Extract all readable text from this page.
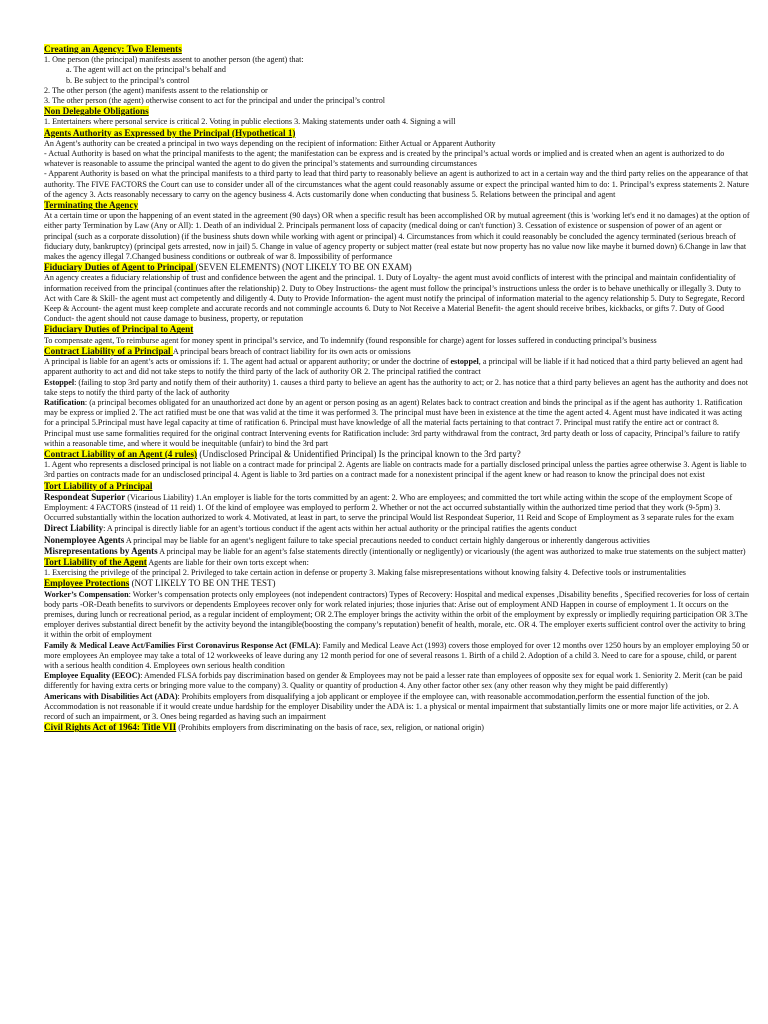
Creating an Agency: Two Elements

1. One person (the principal) manifests assent to another person (the agent) that:

a. The agent will act on the principal’s behalf and

b. Be subject to the principal’s control

2. The other person (the agent) manifests assent to the relationship or

3. The other person (the agent) otherwise consent to act for the principal and under the principal’s control

Non Delegable Obligations

1. Entertainers where personal service is critical 2. Voting in public elections 3. Making statements under oath 4. Signing a will

Agents Authority as Expressed by the Principal (Hypothetical 1)

An Agent’s authority can be created a principal in two ways depending on the recipient of information: Either Actual or Apparent Authority

- Actual Authority is based on what the principal manifests to the agent; the manifestation can be express and is created by the principal’s actual words or implied and is created when an agent is authorized to do whatever is reasonable to assume the principal wanted the agent to do given the principal’s statements and surrounding circumstances

- Apparent Authority is based on what the principal manifests to a third party to lead that third party to reasonably believe an agent is authorized to act in a certain way and the third party relies on the appearance of that authority. The FIVE FACTORS the Court can use to consider under all of the circumstances what the agent could reasonably assume or expect the principal wanted him to do: 1. Principal’s express statements 2. Nature of the agency 3. Acts reasonably necessary to carry on the agency business 4. Acts customarily done when conducting that business 5. Relations between the principal and agent

Terminating the Agency

At a certain time or upon the happening of an event stated in the agreement (90 days) OR when a specific result has been accomplished OR by mutual agreement (this is 'working let's end it no damages) at the option of either party Termination by Law (Any or All): 1. Death of an individual 2. Principals permanent loss of capacity (medical doing or can't function) 3. Cessation of existence or suspension of power of an agent or principal (such as a corporate dissolution) (if the business shuts down while working with agent or principal) 4. Circumstances from which it could reasonably be concluded the agency terminated (serious breach of fiduciary duty, bankruptcy) (principal gets arrested, now in jail) 5. Change in value of agency property or subject matter (real estate but now property has no value now like maybe it burned down) 6.Change in law that makes the agency illegal 7.Changed business conditions or outbreak of war 8. Impossibility of performance

Fiduciary Duties of Agent to Principal (SEVEN ELEMENTS) (NOT LIKELY TO BE ON EXAM)

An agency creates a fiduciary relationship of trust and confidence between the agent and the principal. 1. Duty of Loyalty- the agent must avoid conflicts of interest with the principal and maintain confidentiality of information received from the principal (continues after the relationship) 2. Duty to Obey Instructions- the agent must follow the principal’s instructions unless the order is to behave unethically or illegally 3. Duty to Act with Care & Skill- the agent must act competently and diligently 4. Duty to Provide Information- the agent must notify the principal of information material to the agency relationship 5. Duty to Segregate, Record Keep & Account- the agent must keep complete and accurate records and not commingle accounts 6. Duty to Not Receive a Material Benefit- the agent should receive bribes, kickbacks, or gifts 7. Duty of Good Conduct- the agent should not cause damage to business, property, or reputation

Fiduciary Duties of Principal to Agent

To compensate agent, To reimburse agent for money spent in principal’s service, and To indemnify (found responsible for charge) agent for losses suffered in conducting principal’s business

Contract Liability of a Principal A principal bears breach of contract liability for its own acts or omissions

A principal is liable for an agent’s acts or omissions if: 1. The agent had actual or apparent authority; or under the doctrine of estoppel, a principal will be liable if it had noticed that a third party believed an agent had apparent authority to act and did not take steps to notify the third party of the lack of authority OR 2. The principal ratified the contract

Estoppel: (failing to stop 3rd party and notify them of their authority) 1. causes a third party to believe an agent has the authority to act; or 2. has notice that a third party believes an agent has the authority and does not take steps to notify the third party of the lack of authority

Ratification: (a principal becomes obligated for an unauthorized act done by an agent or person posing as an agent) Relates back to contract creation and binds the principal as if the agent has authority 1. Ratification may be express or implied 2. The act ratified must be one that was valid at the time it was performed 3. The principal must have been in existence at the time the agent acted 4. Agent must have indicated it was acting for a principal 5.Principal must have legal capacity at time of ratification 6. Principal must have knowledge of all the material facts pertaining to that contract 7. Principal must ratify the entire act or contract 8. Principal must use same formalities required for the original contract Intervening events for Ratification include: 3rd party withdrawal from the contract, 3rd party death or loss of capacity, Principal’s failure to ratify within a reasonable time, and where it would be inequitable (unfair) to bind the 3rd part

Contract Liability of an Agent (4 rules) (Undisclosed Principal & Unidentified Principal) Is the principal known to the 3rd party?

1. Agent who represents a disclosed principal is not liable on a contract made for principal 2. Agents are liable on contracts made for a partially disclosed principal unless the parties agree otherwise 3. Agent is liable to 3rd parties on contracts made for an undisclosed principal 4. Agent is liable to 3rd parties on a contract made for a nonexistent principal if the agent knew or had reason to know the principal does not exist

Tort Liability of a Principal

Respondeat Superior (Vicarious Liability) 1.An employer is liable for the torts committed by an agent: 2. Who are employees; and committed the tort while acting within the scope of the employment Scope of Employment: 4 FACTORS (instead of 11 reid) 1. Of the kind of employee was employed to perform 2. Whether or not the act occurred substantially within the authorized time period that they work (9-5pm) 3. Occurred substantially within the location authorized to work 4. Motivated, at least in part, to serve the principal Would list Respondeat Superior, 11 Reid and Scope of Employment as 3 separate rules for the exam

Direct Liability: A principal is directly liable for an agent’s tortious conduct if the agent acts within her actual authority or the principal ratifies the agents conduct

Nonemployee Agents A principal may be liable for an agent’s negligent failure to take special precautions needed to conduct certain highly dangerous or inherently dangerous activities

Misrepresentations by Agents A principal may be liable for an agent’s false statements directly (intentionally or negligently) or vicariously (the agent was authorized to make true statements on the subject matter)

Tort Liability of the Agent Agents are liable for their own torts except when:

1. Exercising the privilege of the principal 2. Privileged to take certain action in defense or property 3. Making false misrepresentations without knowing falsity 4. Defective tools or instrumentalities

Employee Protections (NOT LIKELY TO BE ON THE TEST)

Worker’s Compensation: Worker’s compensation protects only employees (not independent contractors) Types of Recovery: Hospital and medical expenses ,Disability benefits , Specified recoveries for loss of certain body parts -OR-Death benefits to survivors or dependents Employees recover only for work related injuries; those injuries that: Arise out of employment AND Happen in course of employment 1. It occurs on the premises, during lunch or recreational period, as a regular incident of employment; OR 2.The employer brings the activity within the orbit of the employment by expressly or impliedly requiring participation OR 3.The employer derives substantial direct benefit by the activity beyond the intangible(boosting the company’s reputation) benefit of health, morale, etc. OR 4. The employer exerts sufficient control over the activity to bring it within the orbit of employment

Family & Medical Leave Act/Families First Coronavirus Response Act (FMLA): Family and Medical Leave Act (1993) covers those employed for over 12 months over 1250 hours by an employer employing 50 or more employees An employee may take a total of 12 workweeks of leave during any 12 month period for one of several reasons 1. Birth of a child 2. Adoption of a child 3. Need to care for a spouse, child, or parent with a serious health condition 4. Employees own serious health condition

Employee Equality (EEOC): Amended FLSA forbids pay discrimination based on gender & Employees may not be paid a lesser rate than employees of opposite sex for equal work 1. Seniority 2. Merit (can be paid differently for having extra certs or bringing more value to the company) 3. Quality or quantity of production 4. Any other factor other sex (any other reason why they might be paid differently)

Americans with Disabilities Act (ADA): Prohibits employers from disqualifying a job applicant or employee if the employee can, with reasonable accommodation,perform the essential function of the job. Accommodation is not reasonable if it would create undue hardship for the employer Disability under the ADA is: 1. a physical or mental impairment that substantially limits one or more major life activities, or 2. A record of such an impairment, or 3. Ones being regarded as having such an impairment

Civil Rights Act of 1964: Title VII (Prohibits employers from discriminating on the basis of race, sex, religion, or national origin)
